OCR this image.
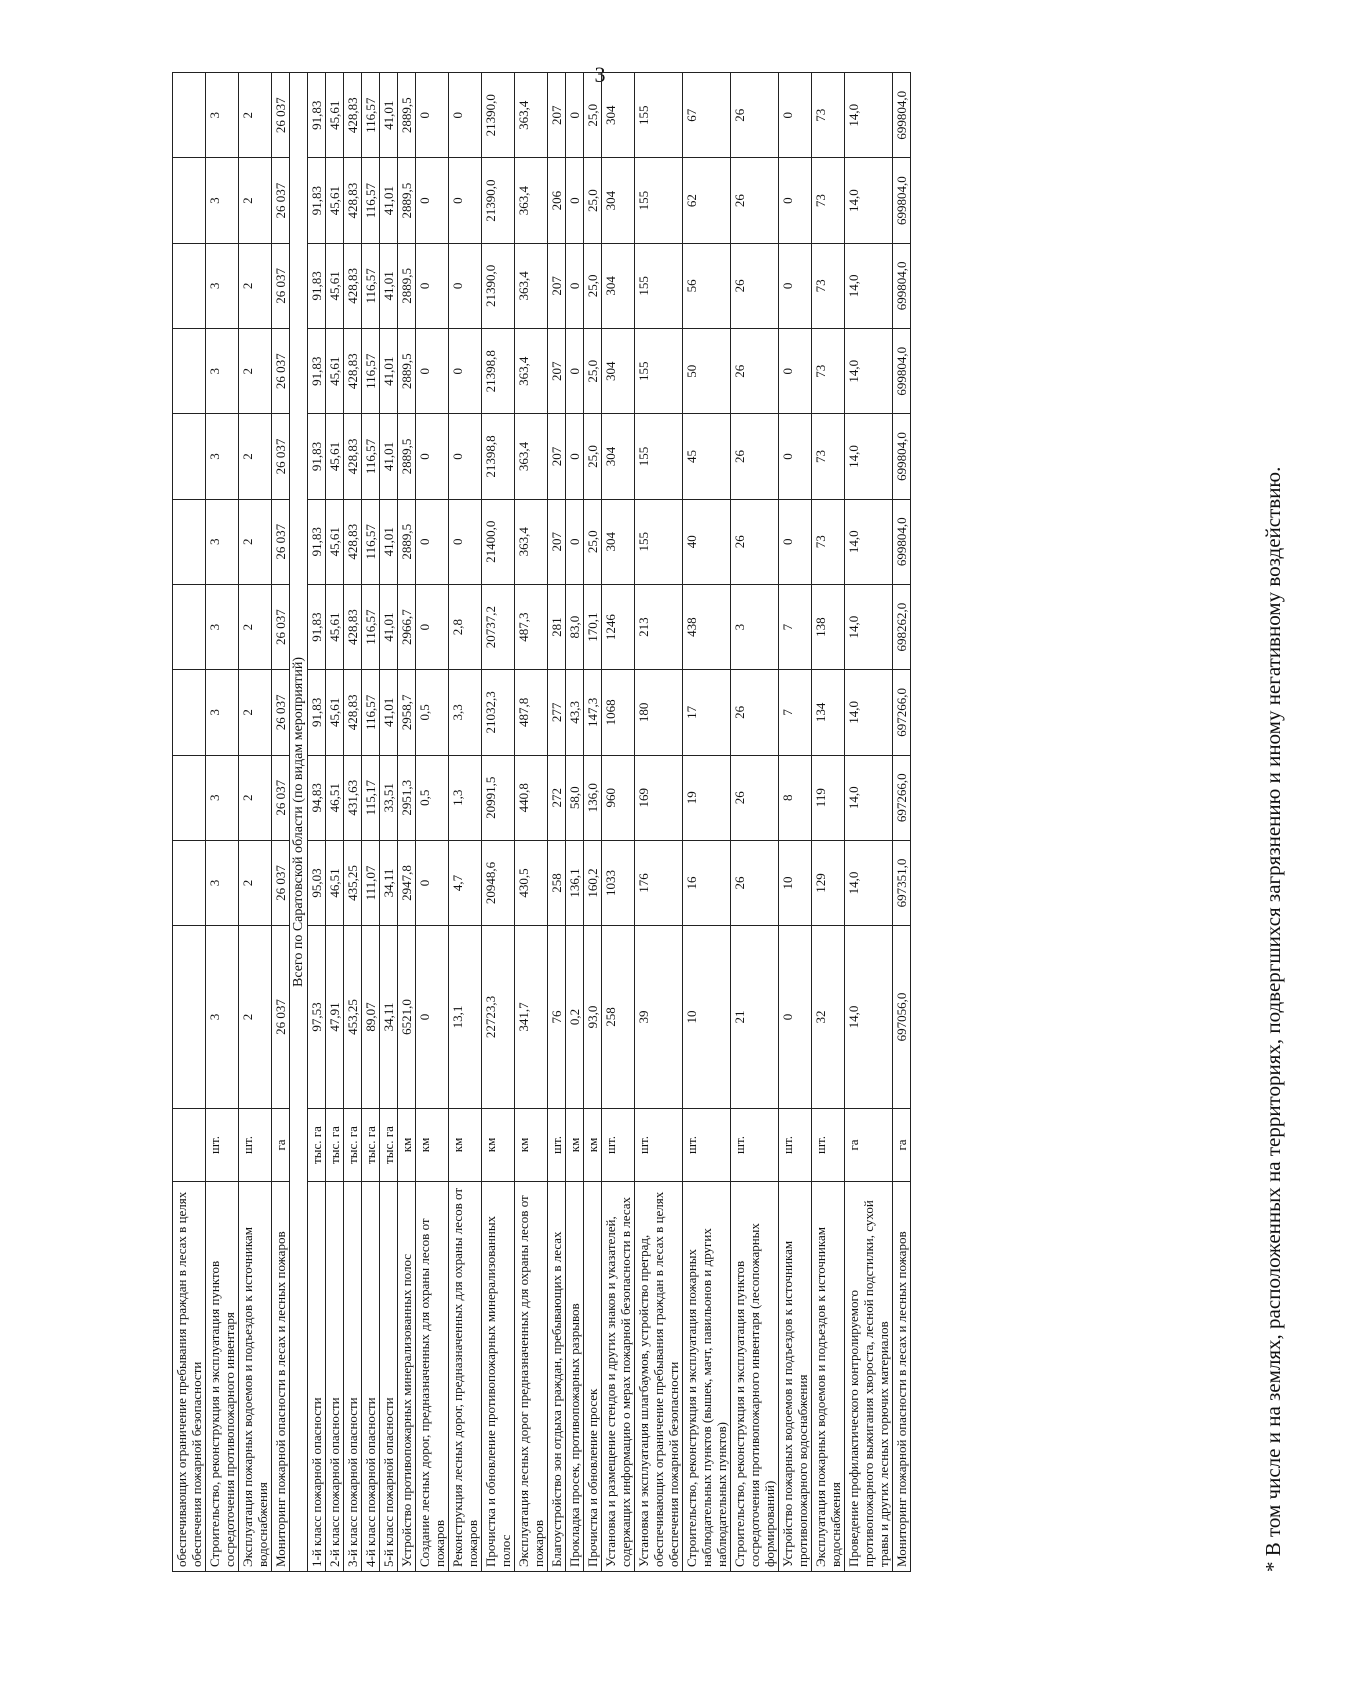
3
обеспечивающих ограничение пребывания граждан в лесах в целях обеспечения пожарной безопасности												
Строительство, реконструкция и эксплуатация пунктов сосредоточения противопожарного инвентаря	шт.	3	3	3	3	3	3	3	3	3	3	3
Эксплуатация пожарных водоемов и подъездов к источникам водоснабжения	шт.	2	2	2	2	2	2	2	2	2	2	2
Мониторинг пожарной опасности в лесах и лесных пожаров	га	26 037	26 037	26 037	26 037	26 037	26 037	26 037	26 037	26 037	26 037	26 037
Всего по Саратовской области (по видам мероприятий)												
1-й класс пожарной опасности	тыс. га	97,53	95,03	94,83	91,83	91,83	91,83	91,83	91,83	91,83	91,83	91,83
2-й класс пожарной опасности	тыс. га	47,91	46,51	46,51	45,61	45,61	45,61	45,61	45,61	45,61	45,61	45,61
3-й класс пожарной опасности	тыс. га	453,25	435,25	431,63	428,83	428,83	428,83	428,83	428,83	428,83	428,83	428,83
4-й класс пожарной опасности	тыс. га	89,07	111,07	115,17	116,57	116,57	116,57	116,57	116,57	116,57	116,57	116,57
5-й класс пожарной опасности	тыс. га	34,11	34,11	33,51	41,01	41,01	41,01	41,01	41,01	41,01	41,01	41,01
Устройство противопожарных минерализованных полос	км	6521,0	2947,8	2951,3	2958,7	2966,7	2889,5	2889,5	2889,5	2889,5	2889,5	2889,5
Создание лесных дорог, предназначенных для охраны лесов от пожаров	км	0	0	0,5	0,5	0	0	0	0	0	0	0
Реконструкция лесных дорог, предназначенных для охраны лесов от пожаров	км	13,1	4,7	1,3	3,3	2,8	0	0	0	0	0	0
Прочистка и обновление противопожарных минерализованных полос	км	22723,3	20948,6	20991,5	21032,3	20737,2	21400,0	21398,8	21398,8	21390,0	21390,0	21390,0
Эксплуатация лесных дорог предназначенных для охраны лесов от пожаров	км	341,7	430,5	440,8	487,8	487,3	363,4	363,4	363,4	363,4	363,4	363,4
Благоустройство зон отдыха граждан, пребывающих в лесах	шт.	76	258	272	277	281	207	207	207	207	206	207
Прокладка просек, противопожарных разрывов	км	0,2	136,1	58,0	43,3	83,0	0	0	0	0	0	0
Прочистка и обновление просек	км	93,0	160,2	136,0	147,3	170,1	25,0	25,0	25,0	25,0	25,0	25,0
Установка и размещение стендов и других знаков и указателей, содержащих информацию о мерах пожарной безопасности в лесах	шт.	258	1033	960	1068	1246	304	304	304	304	304	304
Установка и эксплуатация шлагбаумов, устройство преград, обеспечивающих ограничение пребывания граждан в лесах в целях обеспечения пожарной безопасности	шт.	39	176	169	180	213	155	155	155	155	155	155
Строительство, реконструкция и эксплуатация пожарных наблюдательных пунктов (вышек, мачт, павильонов и других наблюдательных пунктов)	шт.	10	16	19	17	438	40	45	50	56	62	67
Строительство, реконструкция и эксплуатация пунктов сосредоточения противопожарного инвентаря (лесопожарных формирований)	шт.	21	26	26	26	3	26	26	26	26	26	26
Устройство пожарных водоемов и подъездов к источникам противопожарного водоснабжения	шт.	0	10	8	7	7	0	0	0	0	0	0
Эксплуатация пожарных водоемов и подъездов к источникам водоснабжения	шт.	32	129	119	134	138	73	73	73	73	73	73
Проведение профилактического контролируемого противопожарного выжигания хвороста, лесной подстилки, сухой травы и других лесных горючих материалов	га	14,0	14,0	14,0	14,0	14,0	14,0	14,0	14,0	14,0	14,0	14,0
Мониторинг пожарной опасности в лесах и лесных пожаров	га	697056,0	697351,0	697266,0	697266,0	698262,0	699804,0	699804,0	699804,0	699804,0	699804,0	699804,0
* В том числе и на землях, расположенных на территориях, подвергшихся загрязнению и иному негативному воздействию.
